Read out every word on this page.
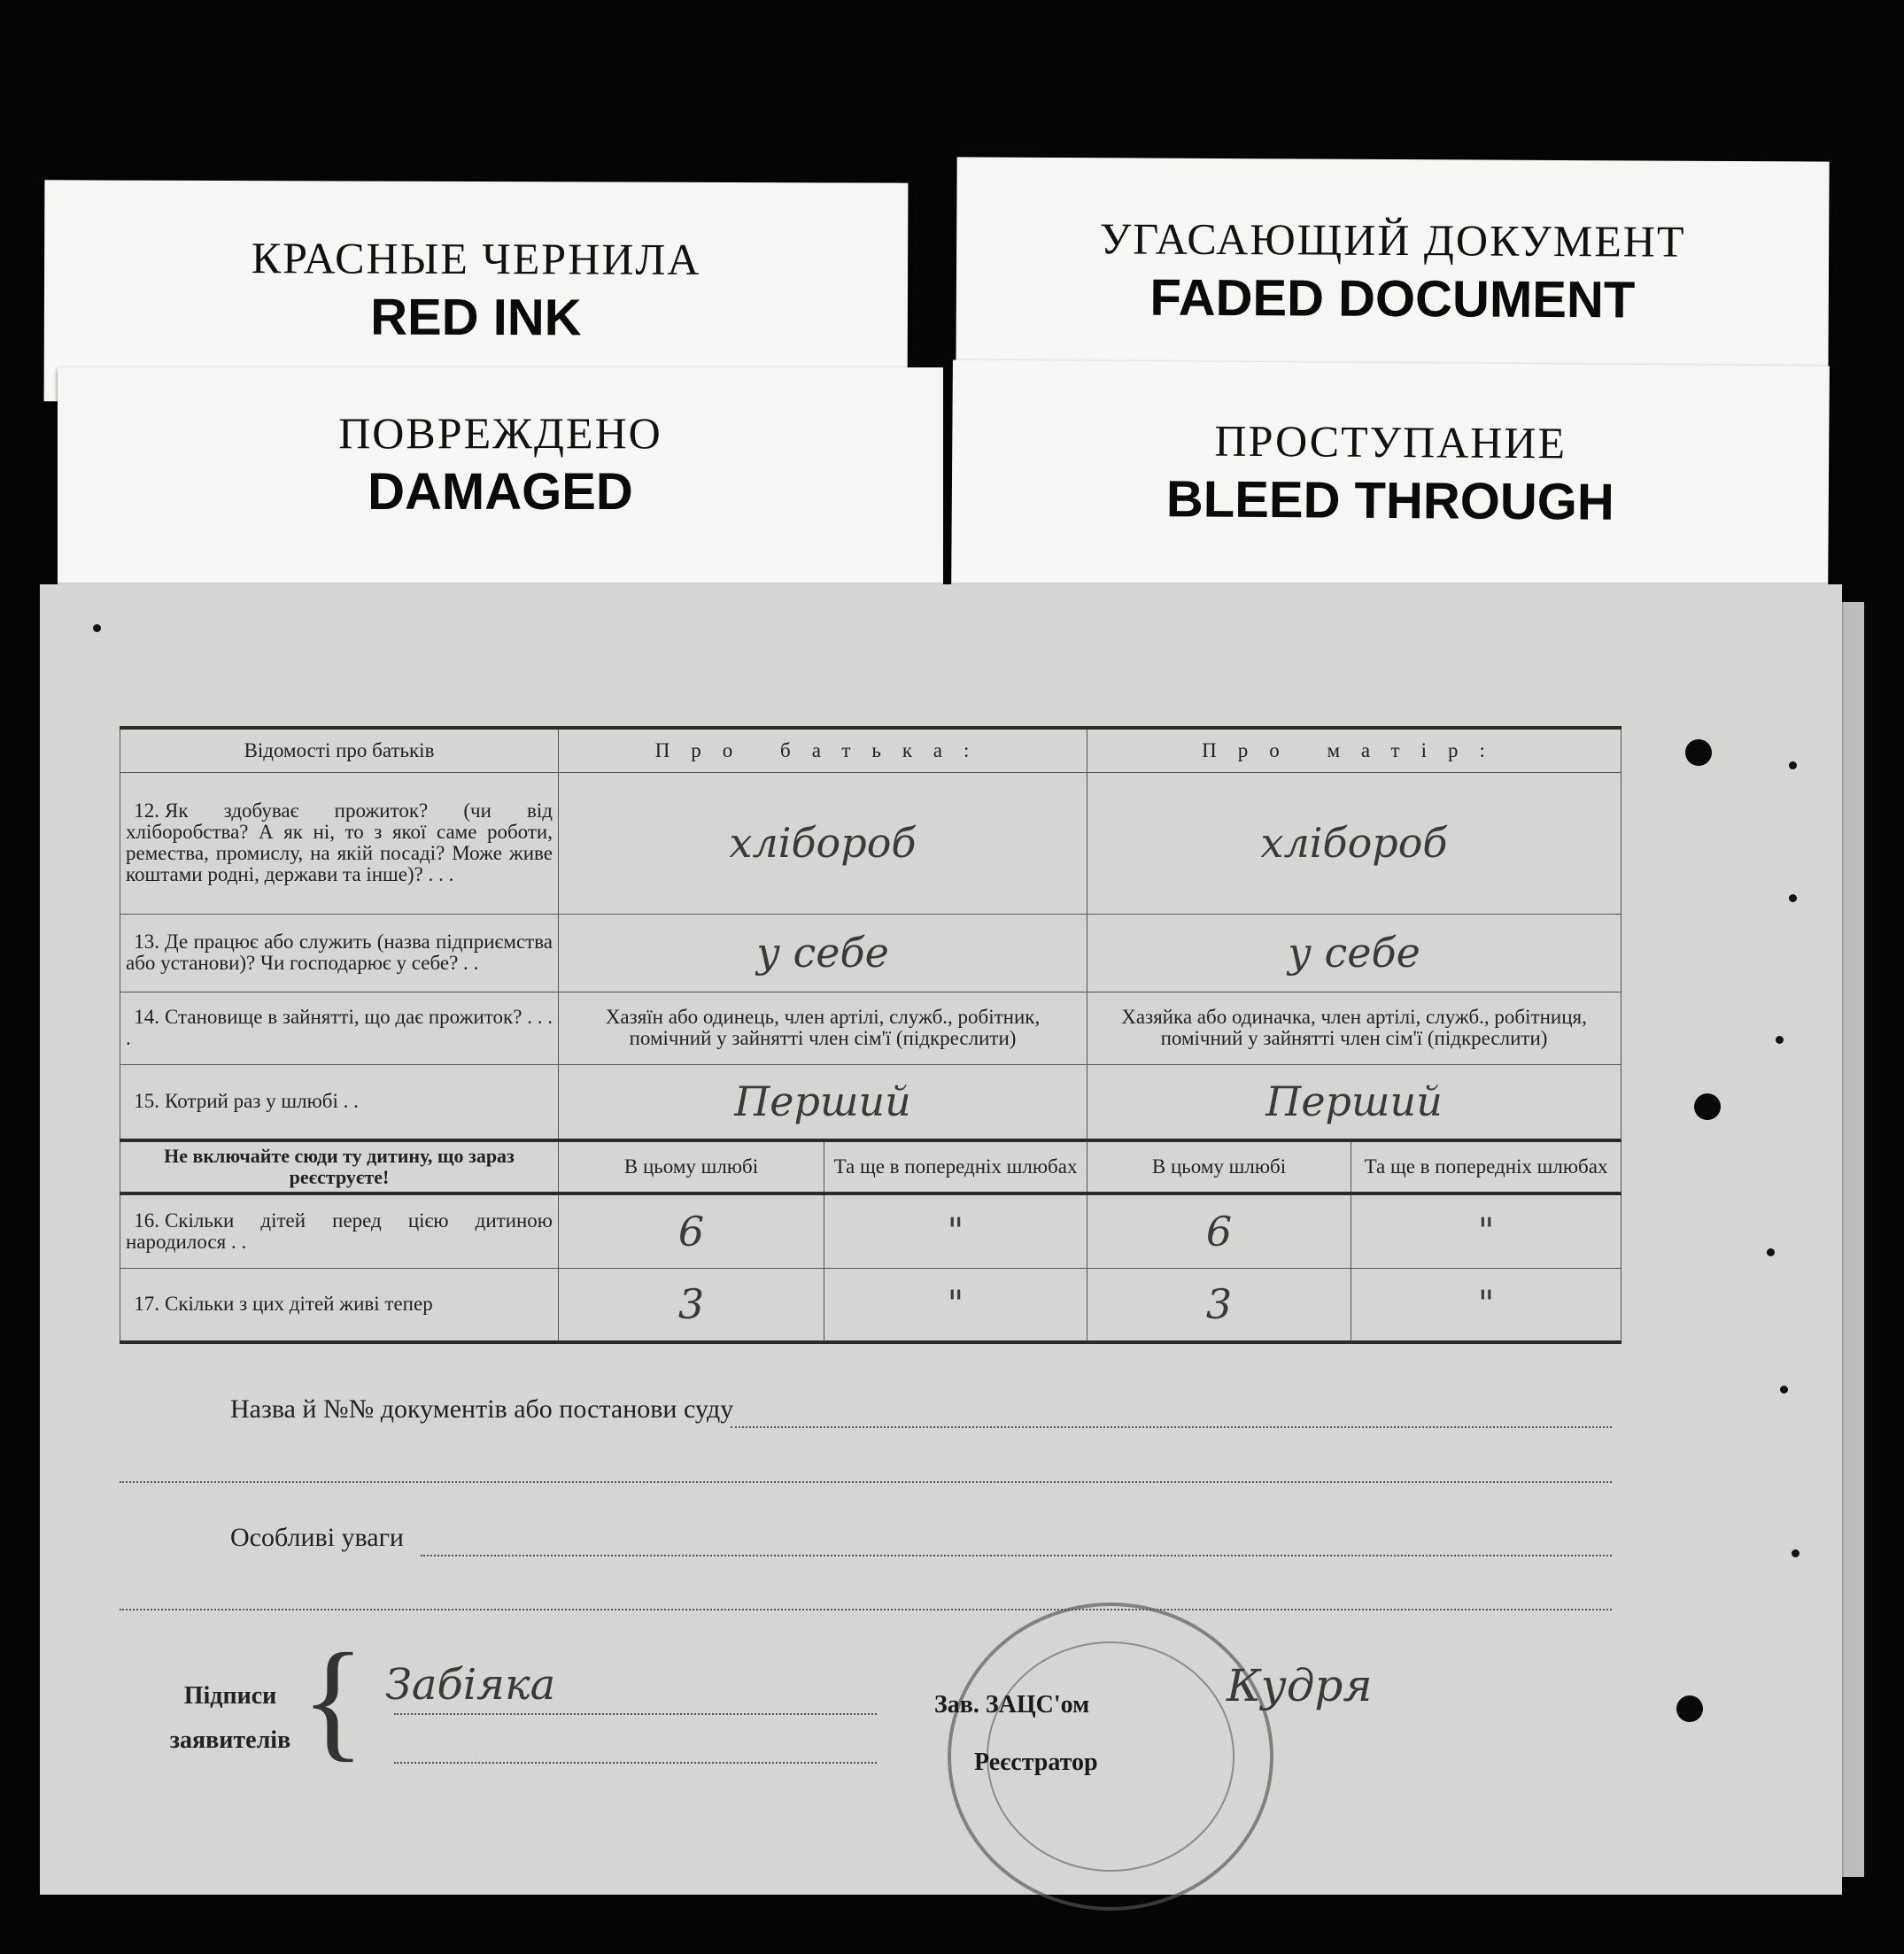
КРАСНЫЕ ЧЕРНИЛА
RED INK
УГАСАЮЩИЙ ДОКУМЕНТ
FADED DOCUMENT
ПОВРЕЖДЕНО
DAMAGED
ПРОСТУПАНИЕ
BLEED THROUGH
Відомості про батьків	Про батька:		Про матір:	
12. Як здобуває прожиток? (чи від хліборобства? А як ні, то з якої саме роботи, ремества, промислу, на якій посаді? Може живе коштами родні, держави та інше)? . . .	хлібороб		хлібороб	

13. Де працює або служить (назва підприємства або установи)? Чи господарює у себе? . .	у себе		у себе	

14. Становище в зайнятті, що дає прожиток? . . . .	Хазяїн або одинець, член артілі, служб., робітник, помічний у зайнятті член сім'ї (підкреслити)		Хазяйка або одиначка, член артілі, служб., робітниця, помічний у зайнятті член сім'ї (підкреслити)	
15. Котрий раз у шлюбі . .	Перший		Перший	

Не включайте сюди ту дитину, що зараз реєструєте!	В цьому шлюбі	Та ще в попередніх шлюбах	В цьому шлюбі	Та ще в попередніх шлюбах
16. Скільки дітей перед цією дитиною народилося . .	6	"	6	"

17. Скільки з цих дітей живі тепер	3	"	3	"
Назва й №№ документів або постанови суду
Особливі уваги
Підписи
заявителів { Забіяка	Зав. ЗАЦС'ом
Реєстратор
Кудря
